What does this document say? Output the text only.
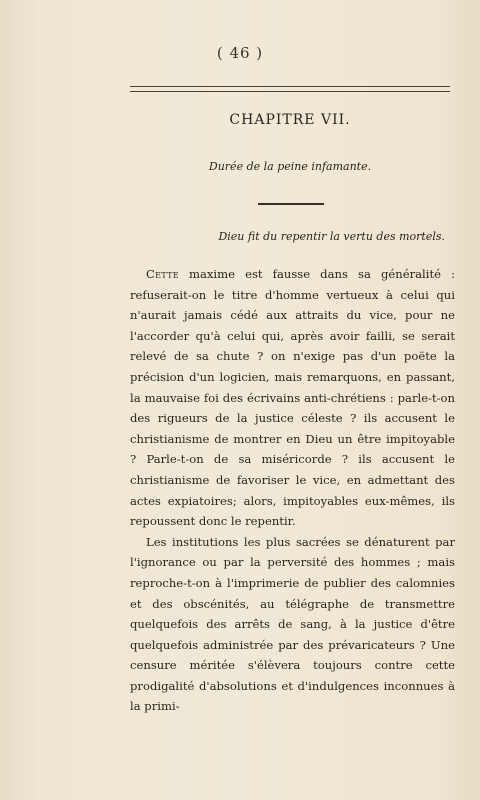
( 46 )
CHAPITRE VII.
Durée de la peine infamante.
Dieu fit du repentir la vertu des mortels.

Cette maxime est fausse dans sa généralité : refuserait-on le titre d'homme vertueux à celui qui n'aurait jamais cédé aux attraits du vice, pour ne l'accorder qu'à celui qui, après avoir failli, se serait relevé de sa chute ? on n'exige pas d'un poëte la précision d'un logicien, mais remarquons, en passant, la mauvaise foi des écrivains anti-chrétiens : parle-t-on des rigueurs de la justice céleste ? ils accusent le christianisme de montrer en Dieu un être impitoyable ? Parle-t-on de sa miséricorde ? ils accusent le christianisme de favoriser le vice, en admettant des actes expiatoires; alors, impitoyables eux-mêmes, ils repoussent donc le repentir.

Les institutions les plus sacrées se dénaturent par l'ignorance ou par la perversité des hommes ; mais reproche-t-on à l'imprimerie de publier des calomnies et des obscénités, au télégraphe de transmettre quelquefois des arrêts de sang, à la justice d'être quelquefois administrée par des prévaricateurs ? Une censure méritée s'élèvera toujours contre cette prodigalité d'absolutions et d'indulgences inconnues à la primi-
